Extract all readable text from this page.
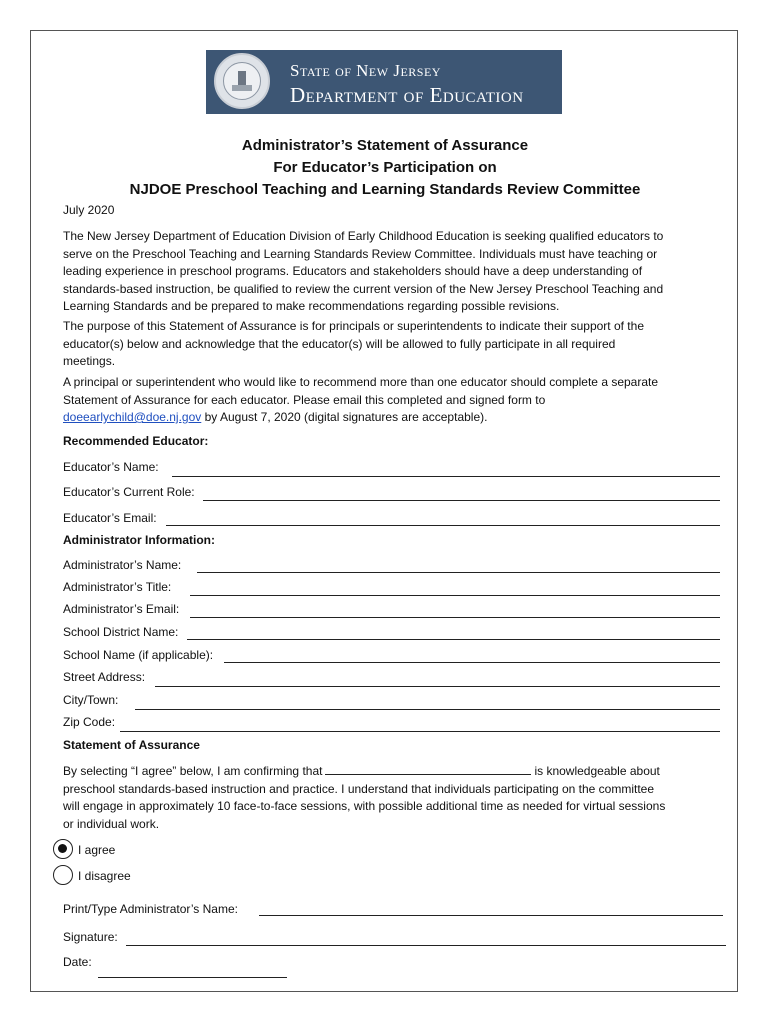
State of New Jersey
Department of Education
Administrator’s Statement of Assurance
For Educator’s Participation on
NJDOE Preschool Teaching and Learning Standards Review Committee
July 2020
The New Jersey Department of Education Division of Early Childhood Education is seeking qualified educators to
serve on the Preschool Teaching and Learning Standards Review Committee. Individuals must have teaching or
leading experience in preschool programs. Educators and stakeholders should have a deep understanding of
standards-based instruction, be qualified to review the current version of the New Jersey Preschool Teaching and
Learning Standards and be prepared to make recommendations regarding possible revisions.
The purpose of this Statement of Assurance is for principals or superintendents to indicate their support of the
educator(s) below and acknowledge that the educator(s) will be allowed to fully participate in all required
meetings.
A principal or superintendent who would like to recommend more than one educator should complete a separate
Statement of Assurance for each educator. Please email this completed and signed form to
doeearlychild@doe.nj.gov by August 7, 2020 (digital signatures are acceptable).
Recommended Educator:
Educator’s Name:
Educator’s Current Role:
Educator’s Email:
Administrator Information:
Administrator’s Name:
Administrator’s Title:
Administrator’s Email:
School District Name:
School Name (if applicable):
Street Address:
City/Town:
Zip Code:
Statement of Assurance
By selecting “I agree” below, I am confirming that	is knowledgeable about
preschool standards-based instruction and practice. I understand that individuals participating on the committee
will engage in approximately 10 face-to-face sessions, with possible additional time as needed for virtual sessions
or individual work.
I agree
I disagree
Print/Type Administrator’s Name:
Signature:
Date:
